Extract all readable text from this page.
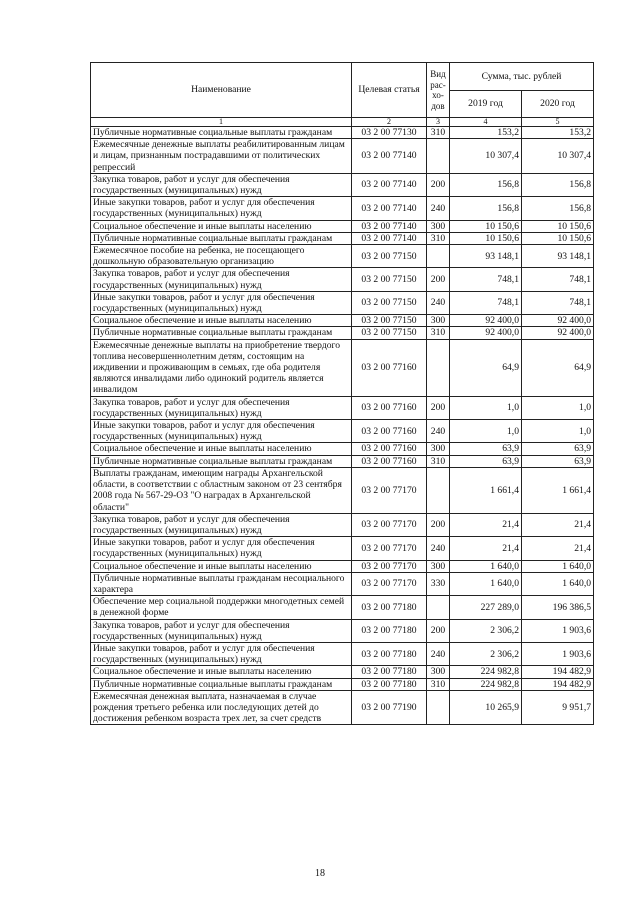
Наименование	Целевая статья	Вид рас-хо-дов	Сумма, тыс. рублей	
			2019 год	2020 год
1	2	3	4	5
Публичные нормативные социальные выплаты гражданам	03 2 00 77130	310	153,2	153,2
Ежемесячные денежные выплаты реабилитированным лицам и лицам, признанным пострадавшими от политических репрессий	03 2 00 77140		10 307,4	10 307,4
Закупка товаров, работ и услуг для обеспечения государственных (муниципальных) нужд	03 2 00 77140	200	156,8	156,8
Иные закупки товаров, работ и услуг для обеспечения государственных (муниципальных) нужд	03 2 00 77140	240	156,8	156,8
Социальное обеспечение и иные выплаты населению	03 2 00 77140	300	10 150,6	10 150,6
Публичные нормативные социальные выплаты гражданам	03 2 00 77140	310	10 150,6	10 150,6
Ежемесячное пособие на ребенка, не посещающего дошкольную образовательную организацию	03 2 00 77150		93 148,1	93 148,1
Закупка товаров, работ и услуг для обеспечения государственных (муниципальных) нужд	03 2 00 77150	200	748,1	748,1
Иные закупки товаров, работ и услуг для обеспечения государственных (муниципальных) нужд	03 2 00 77150	240	748,1	748,1
Социальное обеспечение и иные выплаты населению	03 2 00 77150	300	92 400,0	92 400,0
Публичные нормативные социальные выплаты гражданам	03 2 00 77150	310	92 400,0	92 400,0
Ежемесячные денежные выплаты на приобретение твердого топлива несовершеннолетним детям, состоящим на иждивении и проживающим в семьях, где оба родителя являются инвалидами либо одинокий родитель является инвалидом	03 2 00 77160		64,9	64,9
Закупка товаров, работ и услуг для обеспечения государственных (муниципальных) нужд	03 2 00 77160	200	1,0	1,0
Иные закупки товаров, работ и услуг для обеспечения государственных (муниципальных) нужд	03 2 00 77160	240	1,0	1,0
Социальное обеспечение и иные выплаты населению	03 2 00 77160	300	63,9	63,9
Публичные нормативные социальные выплаты гражданам	03 2 00 77160	310	63,9	63,9
Выплаты гражданам, имеющим награды Архангельской области, в соответствии с областным законом от 23 сентября 2008 года № 567-29-ОЗ "О наградах в Архангельской области"	03 2 00 77170		1 661,4	1 661,4
Закупка товаров, работ и услуг для обеспечения государственных (муниципальных) нужд	03 2 00 77170	200	21,4	21,4
Иные закупки товаров, работ и услуг для обеспечения государственных (муниципальных) нужд	03 2 00 77170	240	21,4	21,4
Социальное обеспечение и иные выплаты населению	03 2 00 77170	300	1 640,0	1 640,0
Публичные нормативные выплаты гражданам несоциального характера	03 2 00 77170	330	1 640,0	1 640,0
Обеспечение мер социальной поддержки многодетных семей в денежной форме	03 2 00 77180		227 289,0	196 386,5
Закупка товаров, работ и услуг для обеспечения государственных (муниципальных) нужд	03 2 00 77180	200	2 306,2	1 903,6
Иные закупки товаров, работ и услуг для обеспечения государственных (муниципальных) нужд	03 2 00 77180	240	2 306,2	1 903,6
Социальное обеспечение и иные выплаты населению	03 2 00 77180	300	224 982,8	194 482,9
Публичные нормативные социальные выплаты гражданам	03 2 00 77180	310	224 982,8	194 482,9
Ежемесячная денежная выплата, назначаемая в случае рождения третьего ребенка или последующих детей до достижения ребенком возраста трех лет, за счет средств	03 2 00 77190		10 265,9	9 951,7
18
